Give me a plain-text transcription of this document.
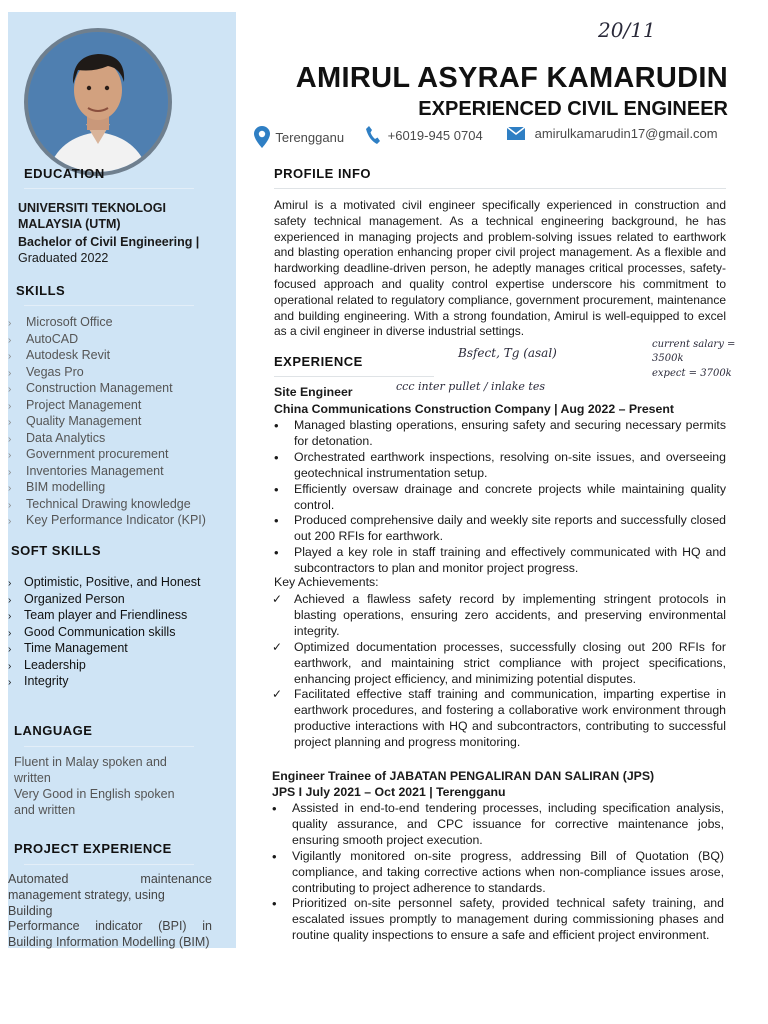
EDUCATION
UNIVERSITI TEKNOLOGI
MALAYSIA (UTM)
Bachelor of Civil Engineering |
Graduated 2022
SKILLS
› Microsoft Office
› AutoCAD
› Autodesk Revit
› Vegas Pro
› Construction Management
› Project Management
› Quality Management
› Data Analytics
› Government procurement
› Inventories Management
› BIM modelling
› Technical Drawing knowledge
› Key Performance Indicator (KPI)
SOFT SKILLS
› Optimistic, Positive, and Honest
› Organized Person
› Team player and Friendliness
› Good Communication skills
› Time Management
› Leadership
› Integrity
LANGUAGE
Fluent in Malay spoken and
written
Very Good in English spoken
and written
PROJECT EXPERIENCE
Automated	maintenance
management strategy, using Building
Performance indicator (BPI) in
Building Information Modelling (BIM)
20/11
AMIRUL ASYRAF KAMARUDIN
EXPERIENCED CIVIL ENGINEER
Terengganu	+6019-945 0704	amirulkamarudin17@gmail.com
PROFILE INFO
Amirul is a motivated civil engineer specifically experienced in construction and safety technical management. As a technical engineering background, he has experienced in managing projects and problem-solving issues related to earthwork and blasting operation enhancing proper civil project management. As a flexible and hardworking deadline-driven person, he adeptly manages critical processes, safety-focused approach and quality control expertise underscore his commitment to operational related to regulatory compliance, government procurement, maintenance and building engineering. With a strong foundation, Amirul is well-equipped to excel as a civil engineer in diverse industrial settings.
EXPERIENCE
Bsfect, Tg (asal)
ccc inter pullet / inlake tes
current salary = 3500k
expect = 3700k
Site Engineer
China Communications Construction Company | Aug 2022 – Present
• Managed blasting operations, ensuring safety and securing necessary permits for detonation.
• Orchestrated earthwork inspections, resolving on-site issues, and overseeing geotechnical instrumentation setup.
• Efficiently oversaw drainage and concrete projects while maintaining quality control.
• Produced comprehensive daily and weekly site reports and successfully closed out 200 RFIs for earthwork.
• Played a key role in staff training and effectively communicated with HQ and subcontractors to plan and monitor project progress.
Key Achievements:
✓ Achieved a flawless safety record by implementing stringent protocols in blasting operations, ensuring zero accidents, and preserving environmental integrity.
✓ Optimized documentation processes, successfully closing out 200 RFIs for earthwork, and maintaining strict compliance with project specifications, enhancing project efficiency, and minimizing potential disputes.
✓ Facilitated effective staff training and communication, imparting expertise in earthwork procedures, and fostering a collaborative work environment through productive interactions with HQ and subcontractors, contributing to successful project planning and progress monitoring.
Engineer Trainee of JABATAN PENGALIRAN DAN SALIRAN (JPS)
JPS I July 2021 – Oct 2021 | Terengganu
• Assisted in end-to-end tendering processes, including specification analysis, quality assurance, and CPC issuance for corrective maintenance jobs, ensuring smooth project execution.
• Vigilantly monitored on-site progress, addressing Bill of Quotation (BQ) compliance, and taking corrective actions when non-compliance issues arose, contributing to project adherence to standards.
• Prioritized on-site personnel safety, provided technical safety training, and escalated issues promptly to management during commissioning phases and routine quality inspections to ensure a safe and efficient project environment.
